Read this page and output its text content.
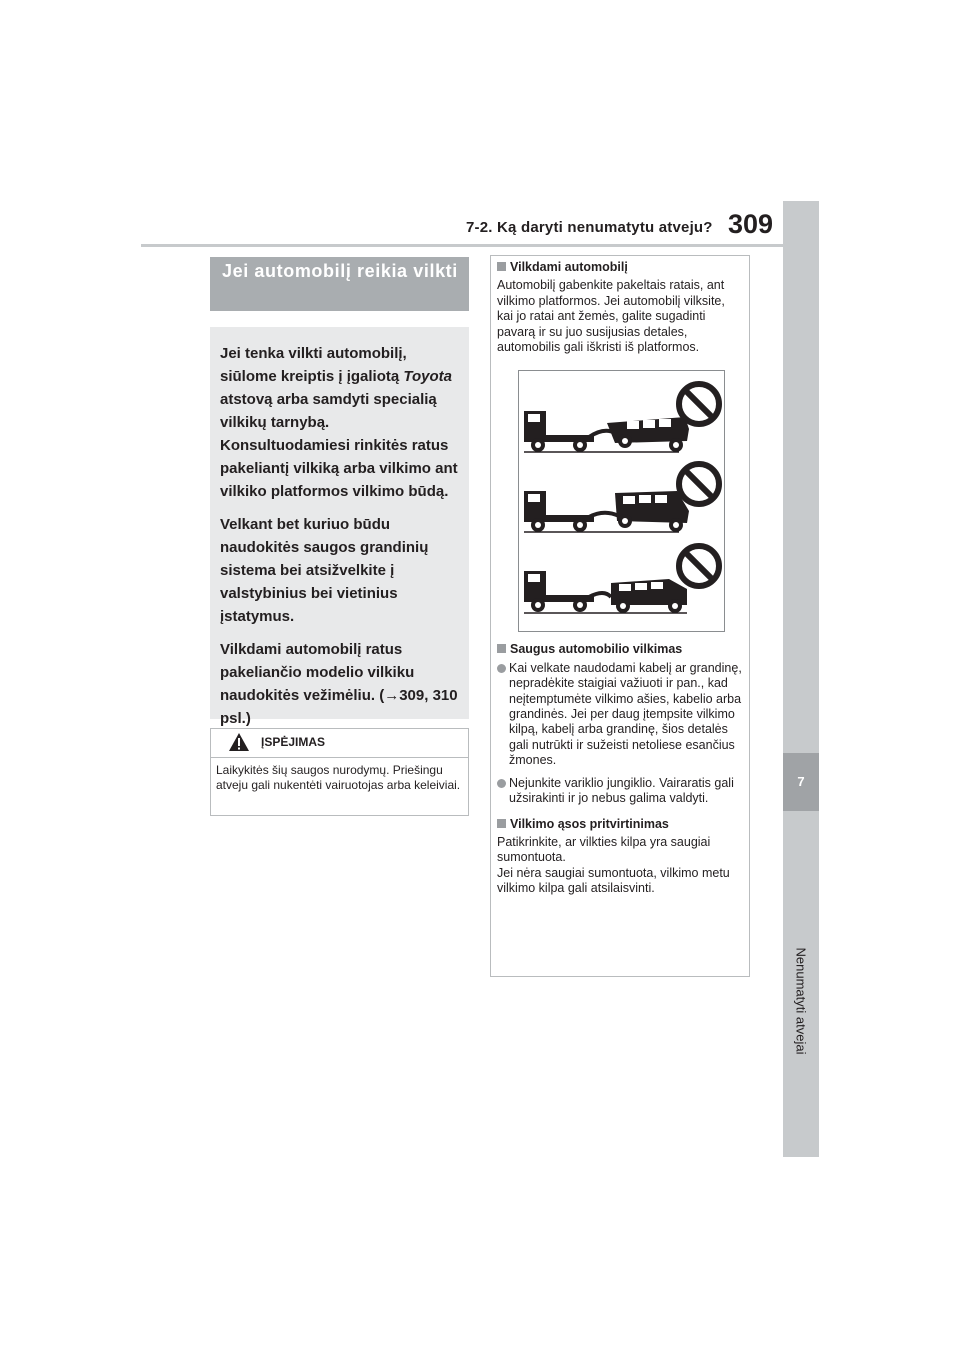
7-2. Ką daryti nenumatytu atveju? 309
7
Nenumatyti atvejai
Jei automobilį reikia vilkti

Jei tenka vilkti automobilį, siūlome kreiptis į įgaliotą Toyota atstovą arba samdyti specialią vilkikų tarnybą. Konsultuodamiesi rinkitės ratus pakeliantį vilkiką arba vilkimo ant vilkiko platformos vilkimo būdą.

Velkant bet kuriuo būdu naudokitės saugos grandinių sistema bei atsižvelkite į valstybinius bei vietinius įstatymus.

Vilkdami automobilį ratus pakeliančio modelio vilkiku naudokitės vežimėliu. (→309, 310 psl.)

ĮSPĖJIMAS
Laikykitės šių saugos nurodymų. Priešingu atveju gali nukentėti vairuotojas arba keleiviai.
Vilkdami automobilį
Automobilį gabenkite pakeltais ratais, ant vilkimo platformos. Jei automobilį vilksite, kai jo ratai ant žemės, galite sugadinti pavarą ir su juo susijusias detales, automobilis gali iškristi iš platformos.
Saugus automobilio vilkimas
Kai velkate naudodami kabelį ar grandinę, nepradėkite staigiai važiuoti ir pan., kad neįtemptumėte vilkimo ašies, kabelio arba grandinės. Jei per daug įtempsite vilkimo kilpą, kabelį arba grandinę, šios detalės gali nutrūkti ir sužeisti netoliese esančius žmones.
Nejunkite variklio jungiklio. Vairaratis gali užsirakinti ir jo nebus galima valdyti.
Vilkimo ąsos pritvirtinimas
Patikrinkite, ar vilkties kilpa yra saugiai sumontuota.
Jei nėra saugiai sumontuota, vilkimo metu vilkimo kilpa gali atsilaisvinti.
